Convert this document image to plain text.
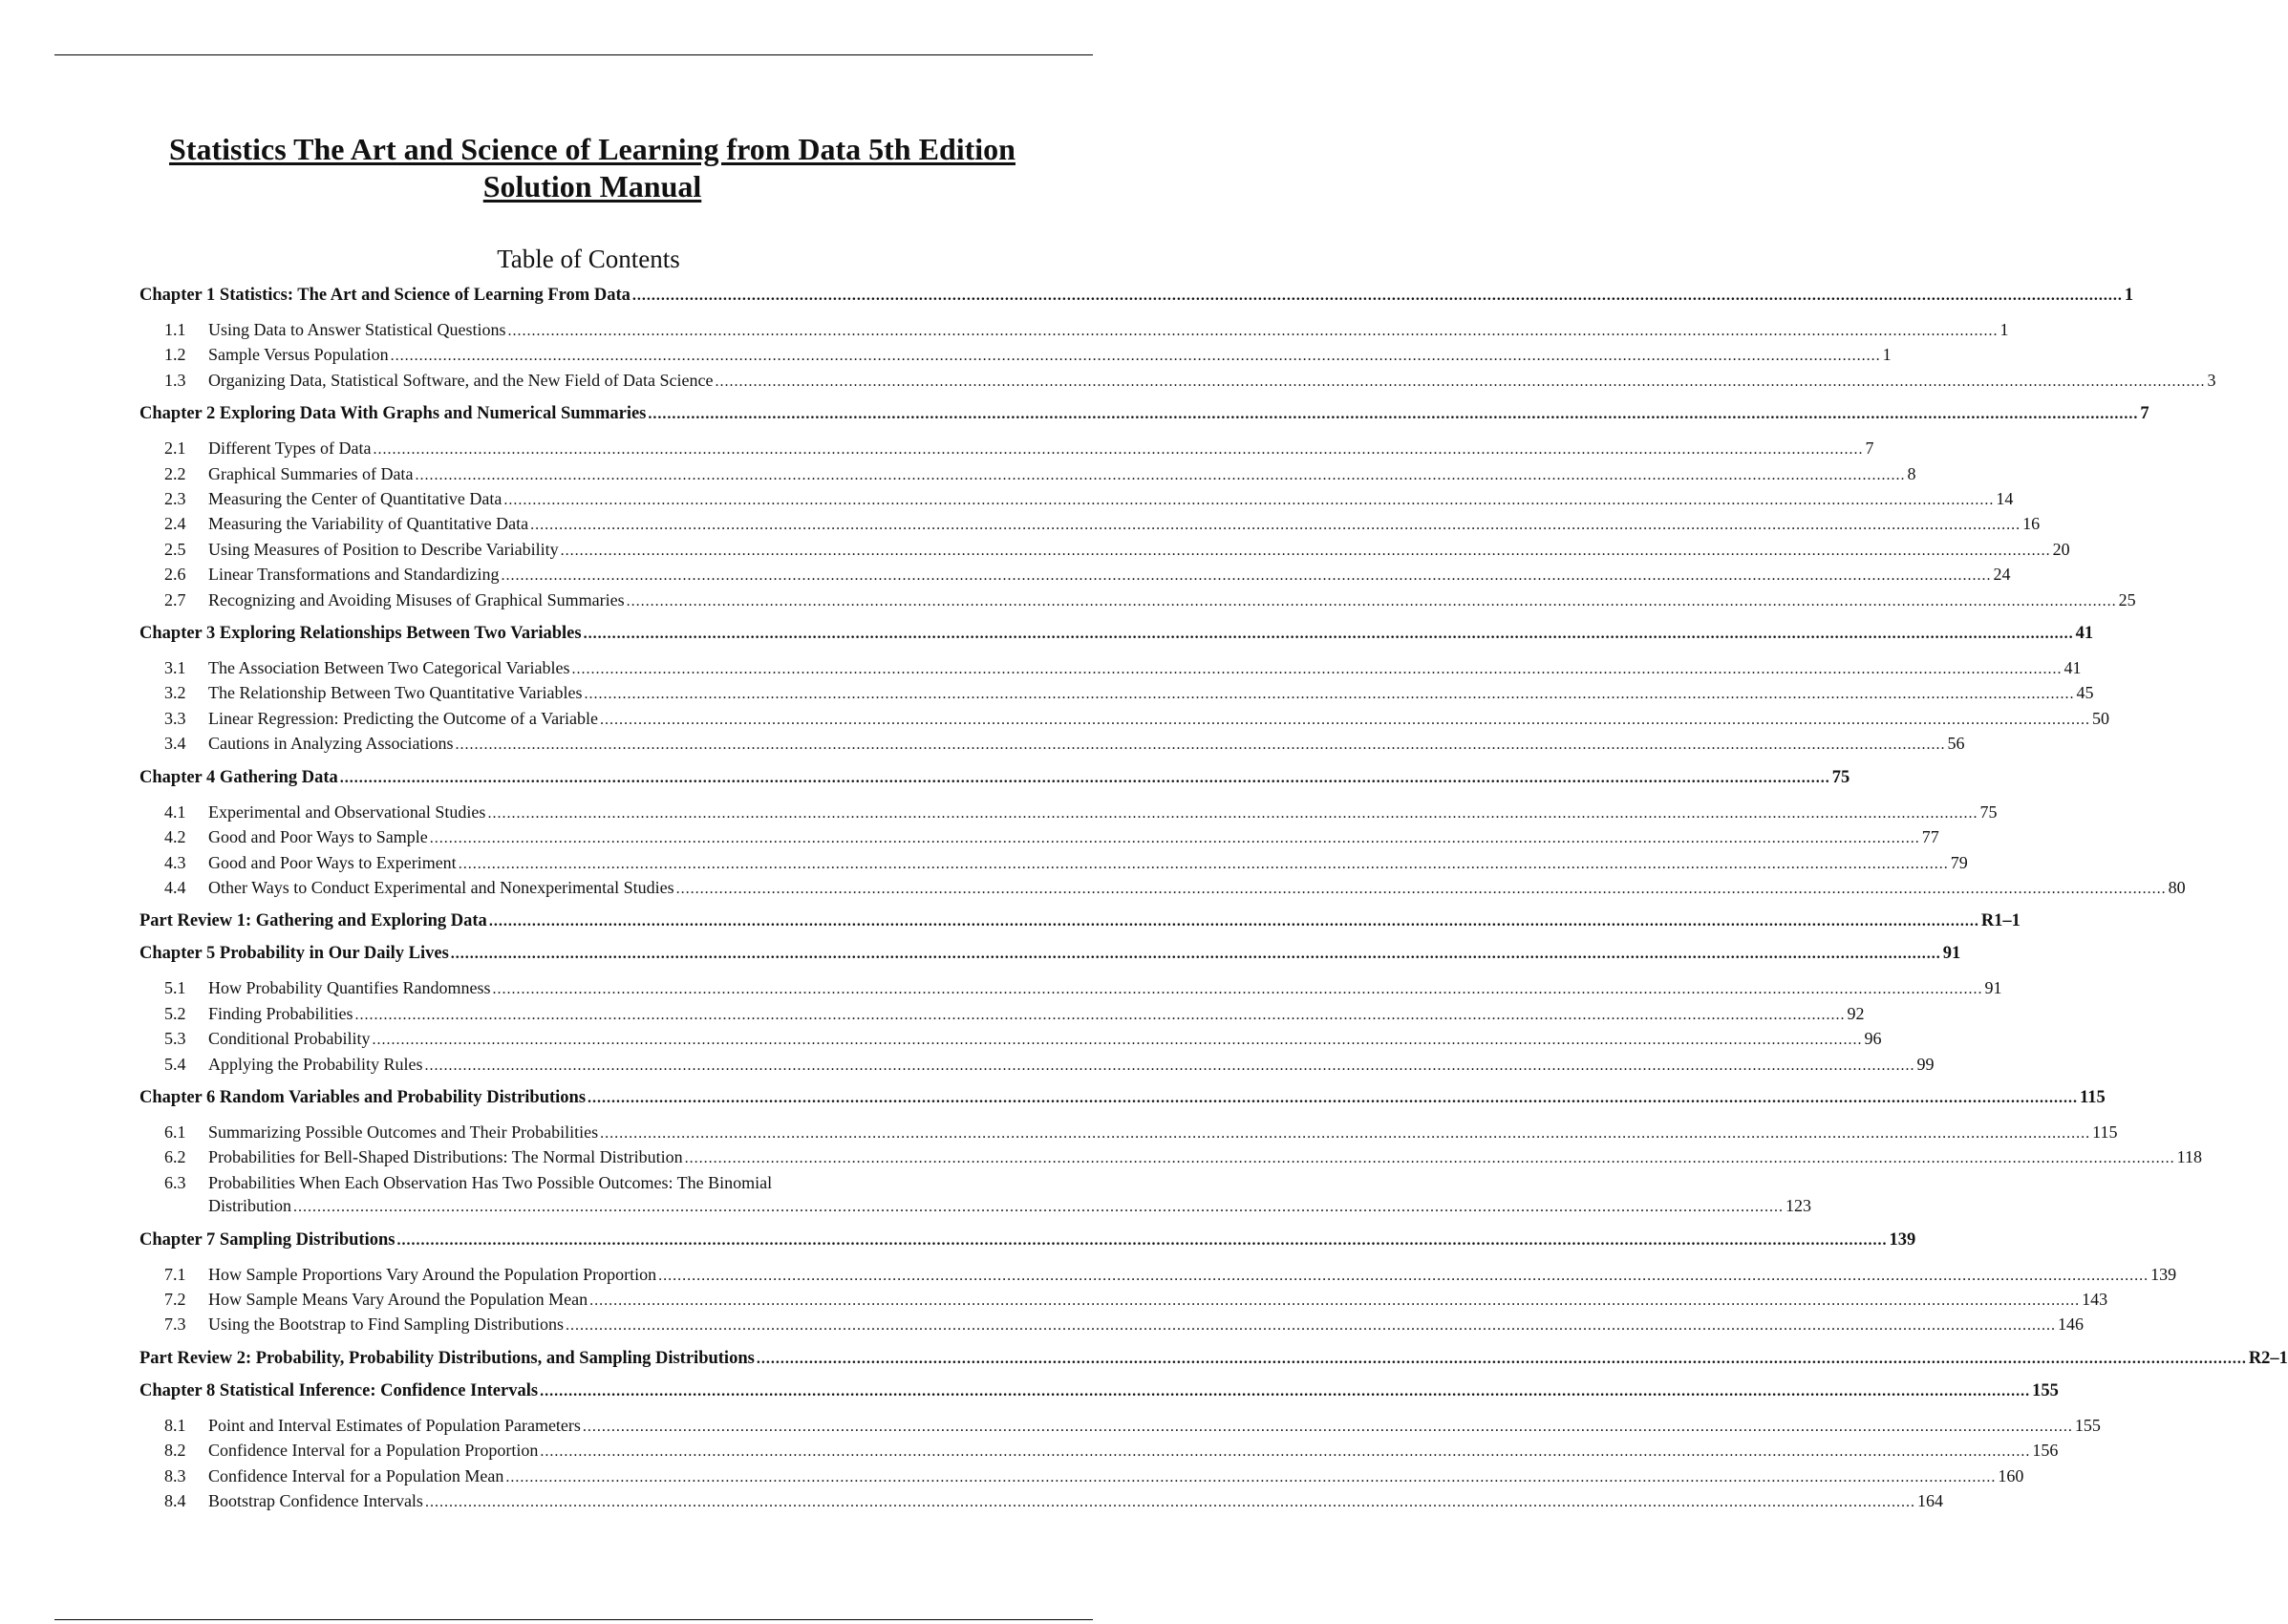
Statistics The Art and Science of Learning from Data 5th Edition
Solution Manual
Table of Contents
Chapter 1 Statistics: The Art and Science of Learning From Data .....	1
1.1	Using Data to Answer Statistical Questions .....	1
1.2	Sample Versus Population .....	1
1.3	Organizing Data, Statistical Software, and the New Field of Data Science .....	3
Chapter 2 Exploring Data With Graphs and Numerical Summaries .....	7
2.1	Different Types of Data .....	7
2.2	Graphical Summaries of Data .....	8
2.3	Measuring the Center of Quantitative Data .....	14
2.4	Measuring the Variability of Quantitative Data .....	16
2.5	Using Measures of Position to Describe Variability .....	20
2.6	Linear Transformations and Standardizing .....	24
2.7	Recognizing and Avoiding Misuses of Graphical Summaries .....	25
Chapter 3 Exploring Relationships Between Two Variables .....	41
3.1	The Association Between Two Categorical Variables .....	41
3.2	The Relationship Between Two Quantitative Variables .....	45
3.3	Linear Regression: Predicting the Outcome of a Variable .....	50
3.4	Cautions in Analyzing Associations .....	56
Chapter 4 Gathering Data .....	75
4.1	Experimental and Observational Studies .....	75
4.2	Good and Poor Ways to Sample .....	77
4.3	Good and Poor Ways to Experiment .....	79
4.4	Other Ways to Conduct Experimental and Nonexperimental Studies .....	80
Part Review 1: Gathering and Exploring Data .....	R1–1
Chapter 5 Probability in Our Daily Lives .....	91
5.1	How Probability Quantifies Randomness .....	91
5.2	Finding Probabilities .....	92
5.3	Conditional Probability .....	96
5.4	Applying the Probability Rules .....	99
Chapter 6 Random Variables and Probability Distributions .....	115
6.1	Summarizing Possible Outcomes and Their Probabilities .....	115
6.2	Probabilities for Bell-Shaped Distributions: The Normal Distribution .....	118
6.3	Probabilities When Each Observation Has Two Possible Outcomes: The Binomial
Distribution .....	123
Chapter 7 Sampling Distributions .....	139
7.1	How Sample Proportions Vary Around the Population Proportion .....	139
7.2	How Sample Means Vary Around the Population Mean .....	143
7.3	Using the Bootstrap to Find Sampling Distributions .....	146
Part Review 2: Probability, Probability Distributions, and Sampling Distributions .....	R2–1
Chapter 8 Statistical Inference: Confidence Intervals .....	155
8.1	Point and Interval Estimates of Population Parameters .....	155
8.2	Confidence Interval for a Population Proportion .....	156
8.3	Confidence Interval for a Population Mean .....	160
8.4	Bootstrap Confidence Intervals .....	164
